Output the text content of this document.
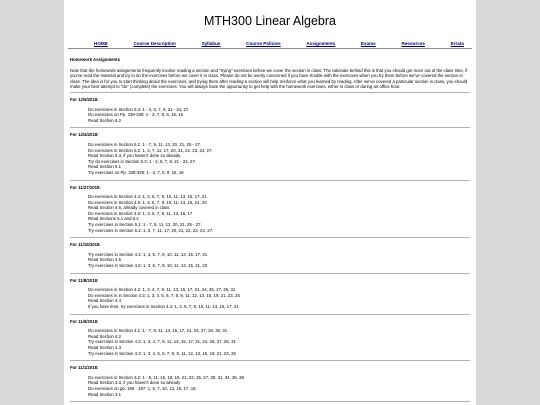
MTH300 Linear Algebra
HOME	Course Description	Syllabus	Course Policies	Assignments	Exams	Resources	Errata
Homework Assignments
Note that the homework assignments frequently involve reading a section and "trying" exercises before we cover the section in class. The rationale behind this is that you should get more out of the class time, if you've read the material and try to do the exercises before we cover it in class. Please do not be overly concerned if you have trouble with the exercises when you try them before we've covered the section in class. The idea is for you to start thinking about the exercises, and trying them after reading a section will help reinforce what you learned by reading. After we've covered a particular section in class, you should make your best attempt to "do" (complete) the exercises. You will always have the opportunity to get help with the homework exercises, either in class or during an office hour.
For 12/6/2018:
Do exercises in Section 5.3: 1 - 3, 5, 7, 9, 21 - 24, 27.
Do exercises on Pp. 338-339: 1 - 3, 7, 8, 9, 15, 16
Read Section 6.2
For 12/4/2018:
Do exercises in Section 5.1: 1 - 7, 9, 11, 13, 20, 21, 25 - 27.
Do exercises in Section 5.2: 1, 3, 7, 11, 17, 20, 21, 22, 23, 24, 27.
Read Section 5.3, if you haven't done so already.
Try do exercises in Section 5.3: 1 - 3, 5, 7, 9, 21 - 24, 27.
Read Section 6.1
Try exercises on Pp. 338-339: 1 - 3, 7, 8, 9, 15, 16
For 11/27/2018:
Do exercises in Section 4.4: 1, 3, 5, 7, 9, 10, 11, 13, 15, 17, 21
Do exercises in Section 4.5: 1, 3, 5, 7, 9, 10, 11, 13, 15, 21, 23
Read Section 4.6, already covered in class
Do exercises in Section 4.6: 1, 3, 5, 7, 9, 11, 13, 15, 17
Read Sections 5.1 and 5.2
Try exercises in Section 5.1: 1 - 7, 9, 11, 13, 20, 21, 25 - 27.
Try exercises in Section 5.2: 1, 3, 7, 11, 17, 20, 21, 22, 23, 24, 27.
For 11/15/2018:
Try exercises in Section 4.4: 1, 3, 5, 7, 9, 10, 11, 13, 15, 17, 21
Read Section 4.5
Try exercises in Section 4.5: 1, 3, 5, 7, 9, 10, 11, 13, 15, 21, 23
For 11/8/2018:
Do exercises in Section 4.2: 1, 3, 4, 7, 9, 11, 13, 15, 17, 21, 24, 25, 27, 26, 31
Do exercises in in Section 4.3: 1, 3, 4, 5, 6, 7, 8, 9, 11, 12, 13, 15, 19, 21, 23, 25
Read Section 4.4
If you have time, try exercises in Section 4.4: 1, 3, 5, 7, 9, 10, 11, 13, 15, 17, 21
For 11/6/2018:
Do exercises in Section 4.1: 1 - 7, 9, 11, 13, 15, 17, 21, 23, 27, 28, 30, 31
Read Section 4.2
Try exercises in Section 4.2: 1, 3, 4, 7, 9, 11, 13, 15, 17, 21, 24, 25, 27, 28, 31
Read Section 4.3
Try exercises in Section 4.3: 1, 3, 4, 5, 6, 7, 8, 9, 11, 12, 13, 15, 19, 21, 23, 25
For 11/1/2018:
Do exercises in Section 3.2: 1 - 5, 11, 15, 18, 19, 21, 22, 25, 27, 30, 31, 34, 36, 39.
Read Section 3.3, if you haven't done so already
Do exercises on pp. 186 - 187: 1, 5, 7, 10, 13, 15, 17, 18.
Read Section 4.1
